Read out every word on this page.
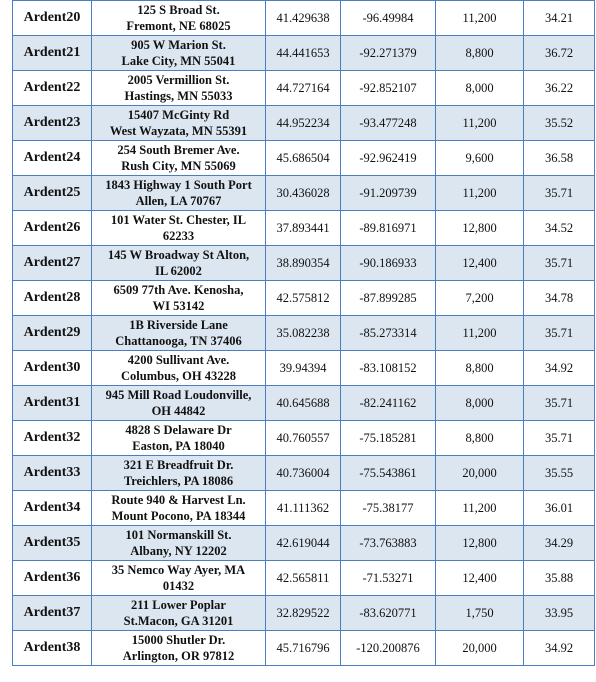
Ardent20	125 S Broad St.
Fremont, NE 68025	41.429638	-96.49984	11,200	34.21
Ardent21	905 W Marion St.
Lake City, MN 55041	44.441653	-92.271379	8,800	36.72
Ardent22	2005 Vermillion St.
Hastings, MN 55033	44.727164	-92.852107	8,000	36.22
Ardent23	15407 McGinty Rd
West Wayzata, MN 55391	44.952234	-93.477248	11,200	35.52
Ardent24	254 South Bremer Ave.
Rush City, MN 55069	45.686504	-92.962419	9,600	36.58
Ardent25	1843 Highway 1 South Port
Allen, LA 70767	30.436028	-91.209739	11,200	35.71
Ardent26	101 Water St. Chester, IL
62233	37.893441	-89.816971	12,800	34.52
Ardent27	145 W Broadway St Alton,
IL 62002	38.890354	-90.186933	12,400	35.71
Ardent28	6509 77th Ave. Kenosha,
WI 53142	42.575812	-87.899285	7,200	34.78
Ardent29	1B Riverside Lane
Chattanooga, TN 37406	35.082238	-85.273314	11,200	35.71
Ardent30	4200 Sullivant Ave.
Columbus, OH 43228	39.94394	-83.108152	8,800	34.92
Ardent31	945 Mill Road Loudonville,
OH 44842	40.645688	-82.241162	8,000	35.71
Ardent32	4828 S Delaware Dr
Easton, PA 18040	40.760557	-75.185281	8,800	35.71
Ardent33	321 E Breadfruit Dr.
Treichlers, PA 18086	40.736004	-75.543861	20,000	35.55
Ardent34	Route 940 & Harvest Ln.
Mount Pocono, PA 18344	41.111362	-75.38177	11,200	36.01
Ardent35	101 Normanskill St.
Albany, NY 12202	42.619044	-73.763883	12,800	34.29
Ardent36	35 Nemco Way Ayer, MA
01432	42.565811	-71.53271	12,400	35.88
Ardent37	211 Lower Poplar
St.Macon, GA 31201	32.829522	-83.620771	1,750	33.95
Ardent38	15000 Shutler Dr.
Arlington, OR 97812	45.716796	-120.200876	20,000	34.92
